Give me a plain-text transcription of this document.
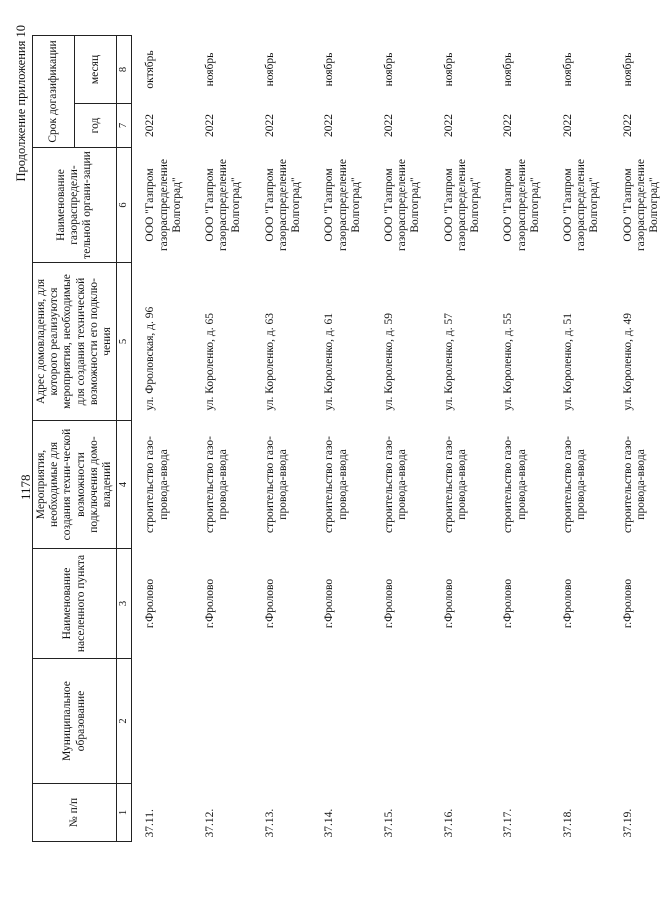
1178
Продолжение приложения 10
№ п/п	Муниципальное образование	Наименование населенного пункта	Мероприятия, необходимые для создания техни-ческой возможности подключения домо-владений	Адрес домовладения, для которого реализуются мероприятия, необходимые для создания технической возможности его подклю-чения	Наименование газораспредели-тельной органи-зации	Срок догазификации	
						год	месяц
1	2	3	4	5	6	7	8
37.11.		г.Фролово	строительство газо-провода-ввода	ул. Фроловская, д. 96	ООО "Газпром газораспределение Волгоград"	2022	октябрь
37.12.		г.Фролово	строительство газо-провода-ввода	ул. Короленко, д. 65	ООО "Газпром газораспределение Волгоград"	2022	ноябрь
37.13.		г.Фролово	строительство газо-провода-ввода	ул. Короленко, д. 63	ООО "Газпром газораспределение Волгоград"	2022	ноябрь
37.14.		г.Фролово	строительство газо-провода-ввода	ул. Короленко, д. 61	ООО "Газпром газораспределение Волгоград"	2022	ноябрь
37.15.		г.Фролово	строительство газо-провода-ввода	ул. Короленко, д. 59	ООО "Газпром газораспределение Волгоград"	2022	ноябрь
37.16.		г.Фролово	строительство газо-провода-ввода	ул. Короленко, д. 57	ООО "Газпром газораспределение Волгоград"	2022	ноябрь
37.17.		г.Фролово	строительство газо-провода-ввода	ул. Короленко, д. 55	ООО "Газпром газораспределение Волгоград"	2022	ноябрь
37.18.		г.Фролово	строительство газо-провода-ввода	ул. Короленко, д. 51	ООО "Газпром газораспределение Волгоград"	2022	ноябрь
37.19.		г.Фролово	строительство газо-провода-ввода	ул. Короленко, д. 49	ООО "Газпром газораспределение Волгоград"	2022	ноябрь
